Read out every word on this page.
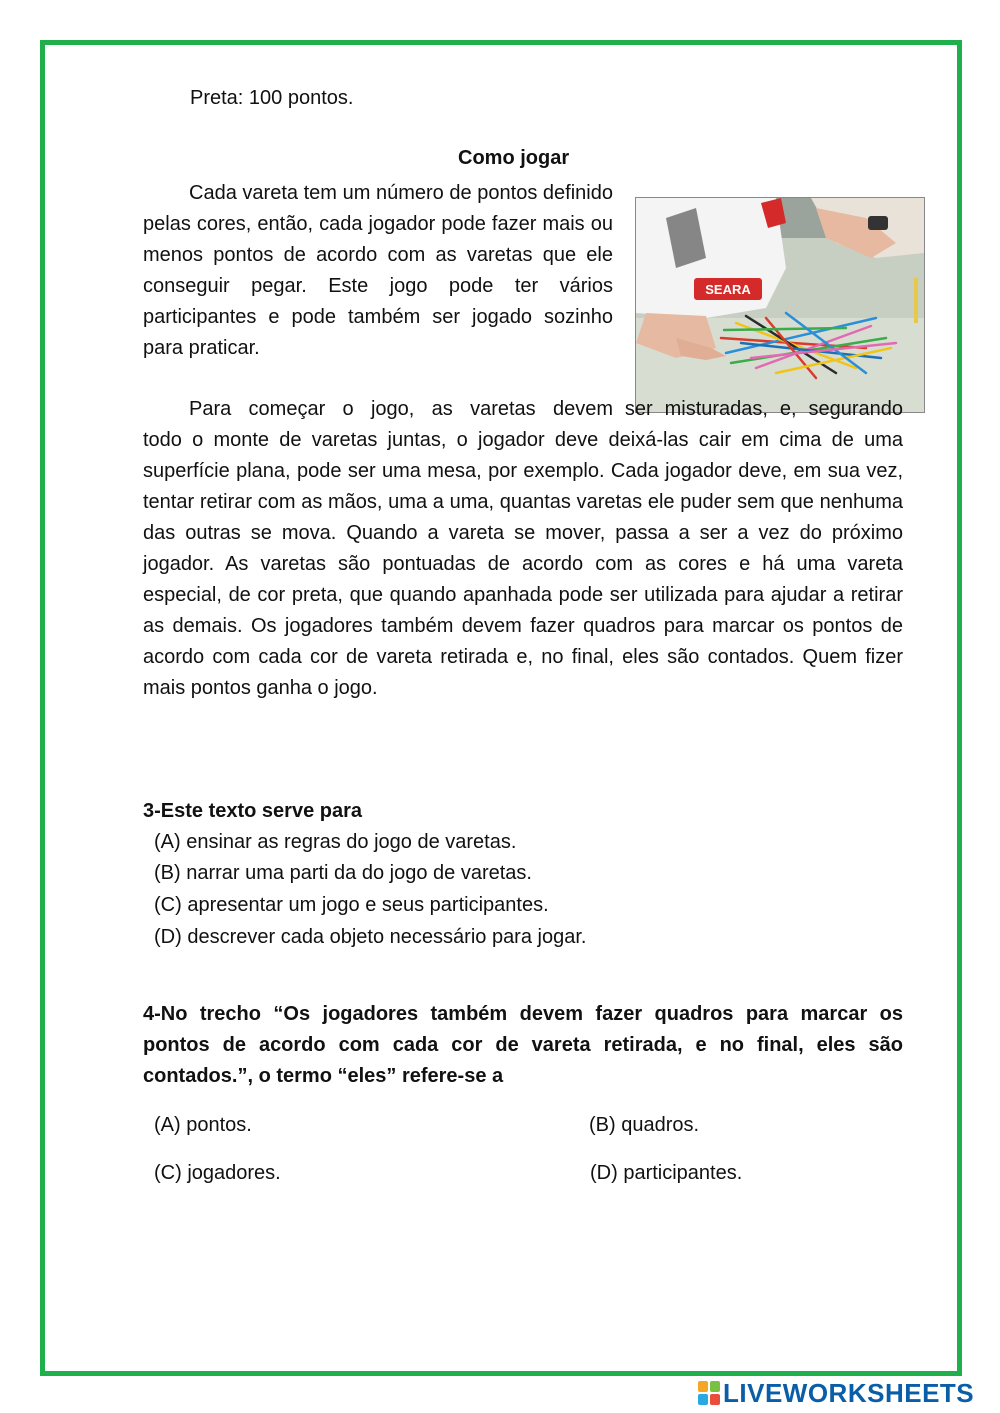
Preta: 100 pontos.

Como jogar

Cada vareta tem um número de pontos definido pelas cores, então, cada jogador pode fazer mais ou menos pontos de acordo com as varetas que ele conseguir pegar. Este jogo pode ter vários participantes e pode também ser jogado sozinho para praticar.

SEARA

Para começar o jogo, as varetas devem ser misturadas, e, segurando todo o monte de varetas juntas, o jogador deve deixá-las cair em cima de uma superfície plana, pode ser uma mesa, por exemplo. Cada jogador deve, em sua vez, tentar retirar com as mãos, uma a uma, quantas varetas ele puder sem que nenhuma das outras se mova. Quando a vareta se mover, passa a ser a vez do próximo jogador. As varetas são pontuadas de acordo com as cores e há uma vareta especial, de cor preta, que quando apanhada pode ser utilizada para ajudar a retirar as demais. Os jogadores também devem fazer quadros para marcar os pontos de acordo com cada cor de vareta retirada e, no final, eles são contados. Quem fizer mais pontos ganha o jogo.

3-Este texto serve para

(A) ensinar as regras do jogo de varetas.
(B) narrar uma parti da do jogo de varetas.
(C) apresentar um jogo e seus participantes.
(D) descrever cada objeto necessário para jogar.

4-No trecho “Os jogadores também devem fazer quadros para marcar os pontos de acordo com cada cor de vareta retirada, e no final, eles são contados.”, o termo “eles” refere-se a

(A) pontos.	(B) quadros.
(C) jogadores.	(D) participantes.
LIVEWORKSHEETS
